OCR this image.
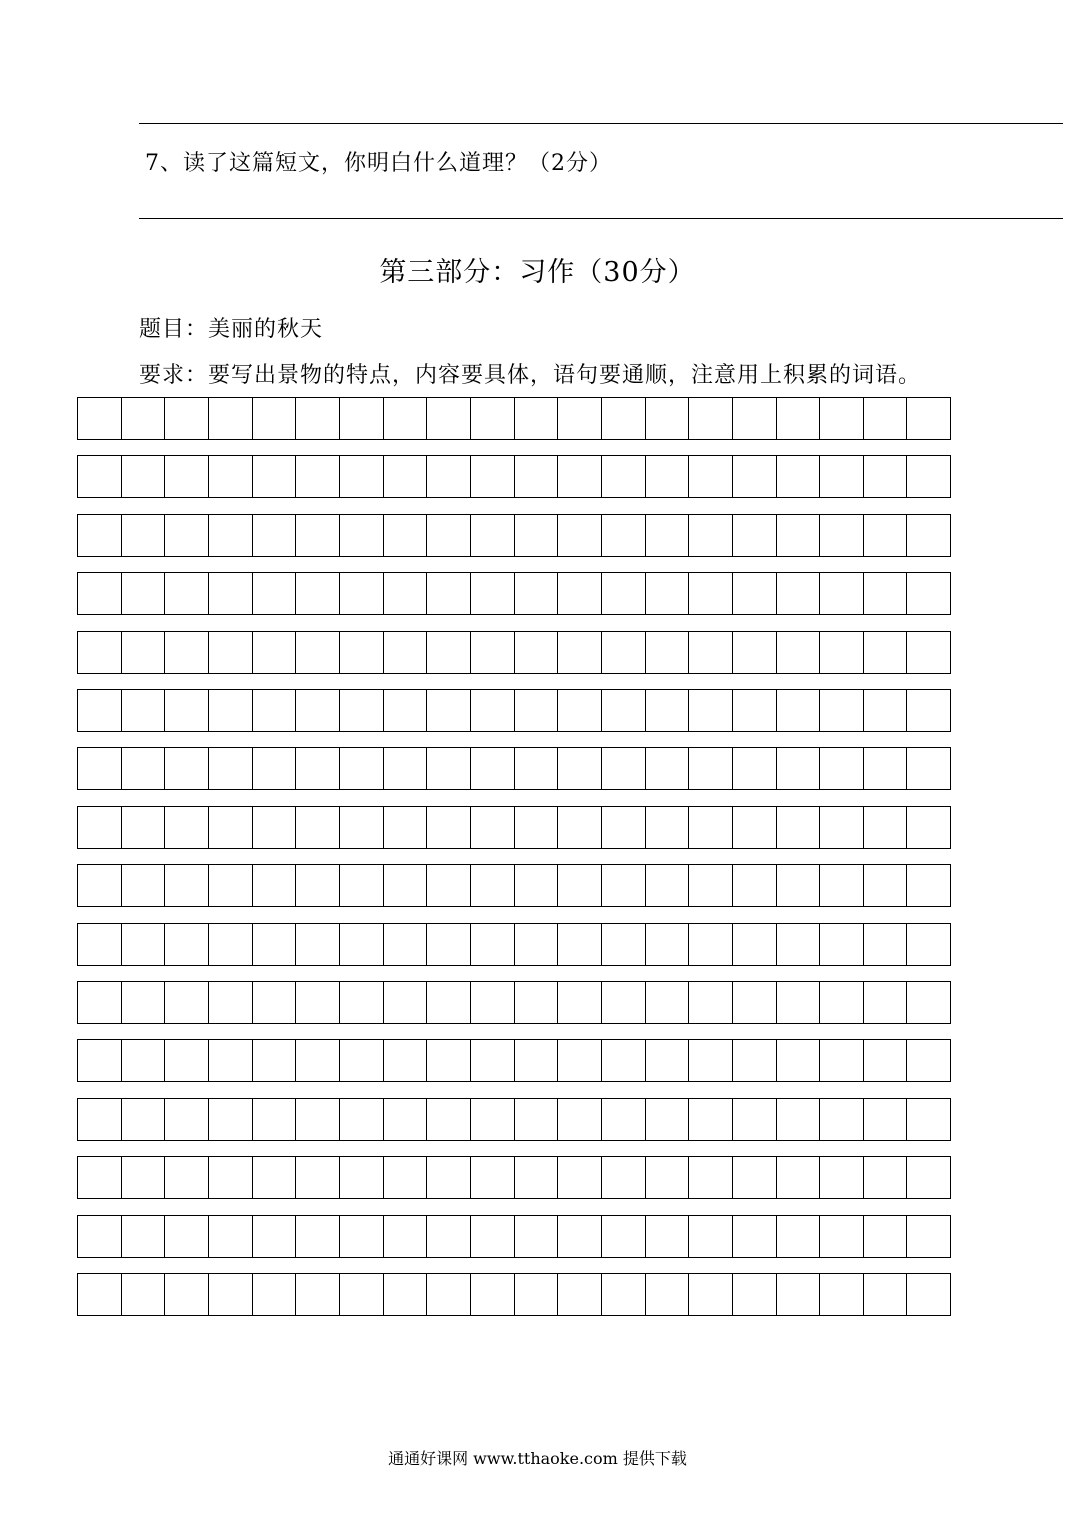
7、读了这篇短文，你明白什么道理？（2分）
第三部分：习作（30分）
题目：美丽的秋天
要求：要写出景物的特点，内容要具体，语句要通顺，注意用上积累的词语。
通通好课网 www.tthaoke.com 提供下载
